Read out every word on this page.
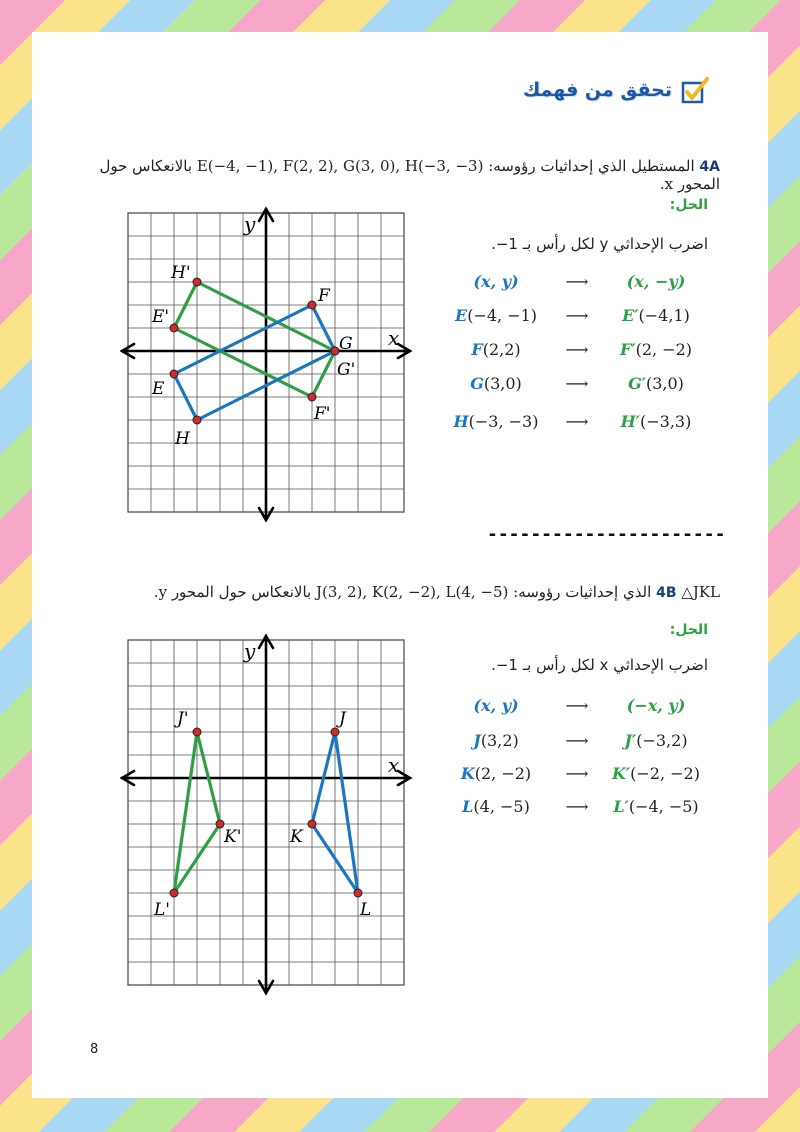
تحقق من فهمك
4A المستطيل الذي إحداثيات رؤوسه: E(−4, −1), F(2, 2), G(3, 0), H(−3, −3) بالانعكاس حول المحور x.
الحل:
اضرب الإحداثي y لكل رأس بـ 1−.
(x, y)	⟶	(x, −y)
E(−4, −1)	⟶	E′(−4,1)
F(2,2)	⟶	F′(2, −2)
G(3,0)	⟶	G′(3,0)
H(−3, −3)	⟶	H′(−3,3)
x
y
E'
F'
G'
H'
E
F
G
H
----------------------
4B △JKL الذي إحداثيات رؤوسه: J(3, 2), K(2, −2), L(4, −5) بالانعكاس حول المحور y.
الحل:
اضرب الإحداثي x لكل رأس بـ 1−.
(x, y)	⟶	(−x, y)
J(3,2)	⟶	J′(−3,2)
K(2, −2)	⟶	K′(−2, −2)
L(4, −5)	⟶	L′(−4, −5)
x
y
J'
K'
L'
J
K
L
8
